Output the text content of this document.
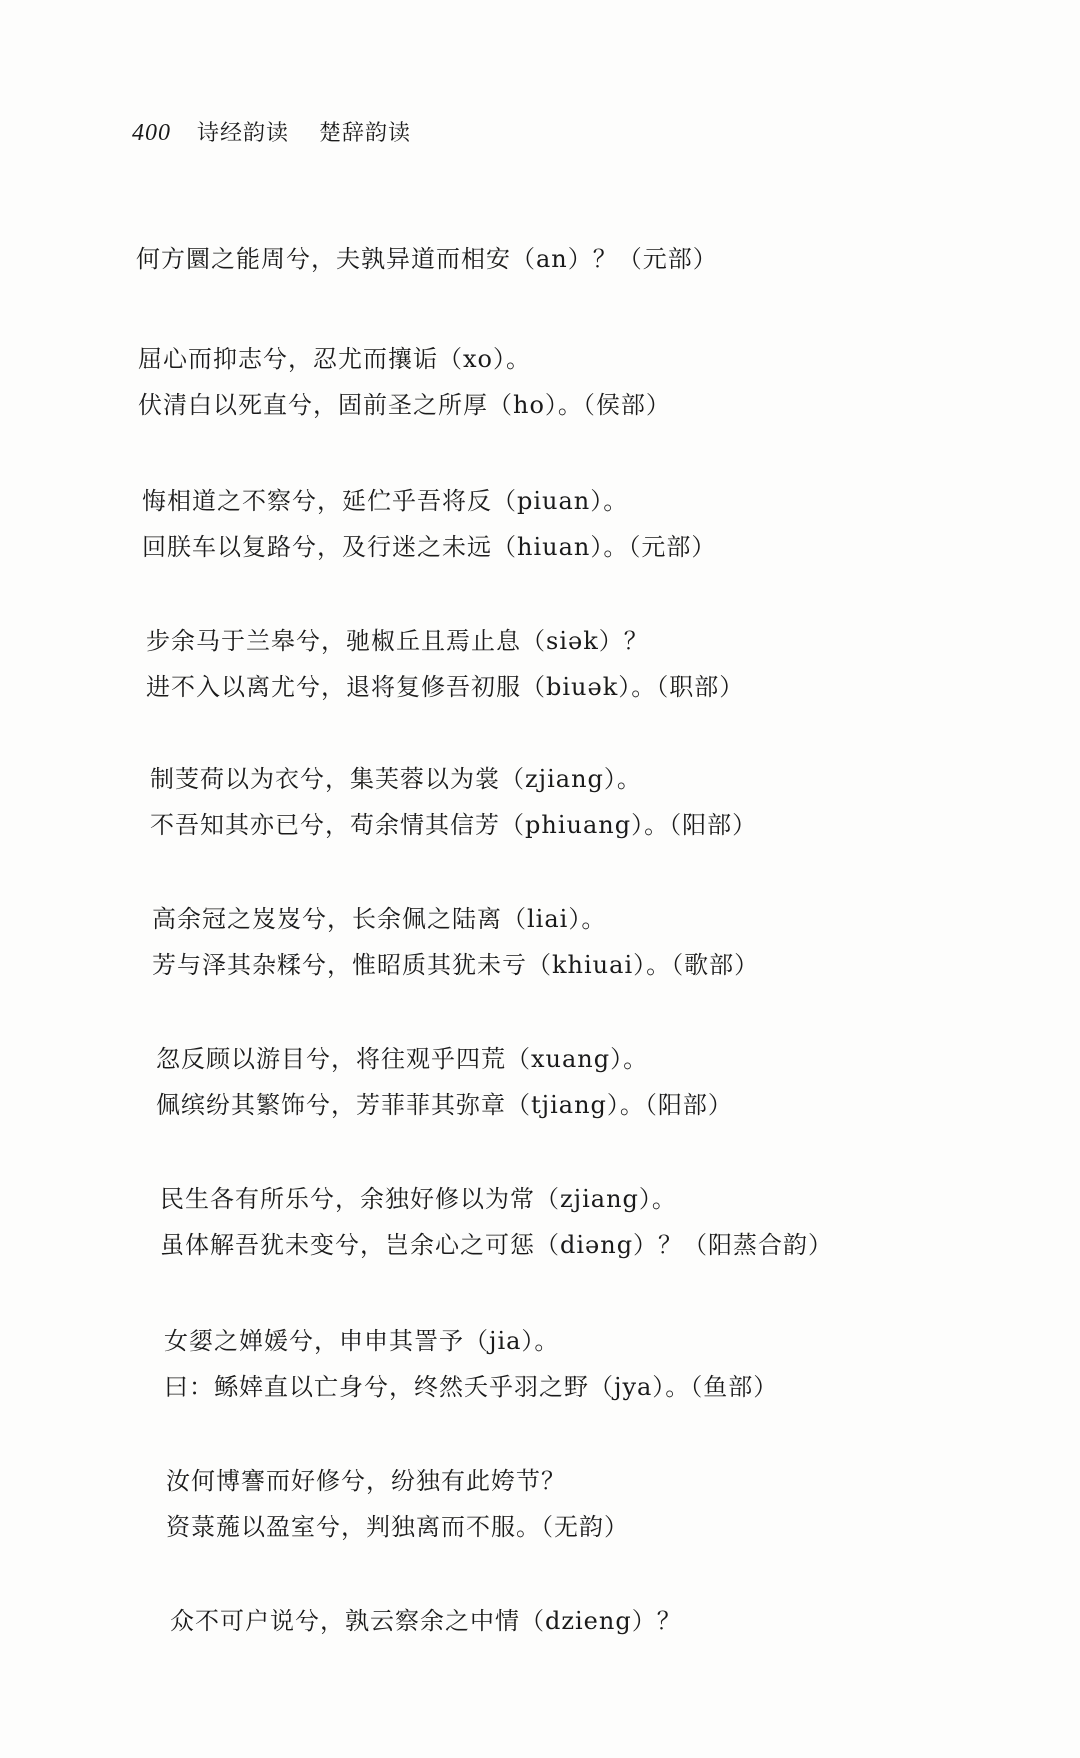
400 诗经韵读 楚辞韵读
何方圜之能周兮，夫孰异道而相安（an）？（元部）
屈心而抑志兮，忍尤而攘诟（xo）。
伏清白以死直兮，固前圣之所厚（ho）。（侯部）
悔相道之不察兮，延伫乎吾将反（piuan）。
回朕车以复路兮，及行迷之未远（hiuan）。（元部）
步余马于兰皋兮，驰椒丘且焉止息（siək）？
进不入以离尤兮，退将复修吾初服（biuək）。（职部）
制芰荷以为衣兮，集芙蓉以为裳（zjiang）。
不吾知其亦已兮，苟余情其信芳（phiuang）。（阳部）
高余冠之岌岌兮，长余佩之陆离（liai）。
芳与泽其杂糅兮，惟昭质其犹未亏（khiuai）。（歌部）
忽反顾以游目兮，将往观乎四荒（xuang）。
佩缤纷其繁饰兮，芳菲菲其弥章（tjiang）。（阳部）
民生各有所乐兮，余独好修以为常（zjiang）。
虽体解吾犹未变兮，岂余心之可惩（diəng）？（阳蒸合韵）
女媭之婵媛兮，申申其詈予（jia）。
曰：鲧婞直以亡身兮，终然夭乎羽之野（jya）。（鱼部）
汝何博謇而好修兮，纷独有此姱节？
资菉葹以盈室兮，判独离而不服。（无韵）
众不可户说兮，孰云察余之中情（dzieng）？
